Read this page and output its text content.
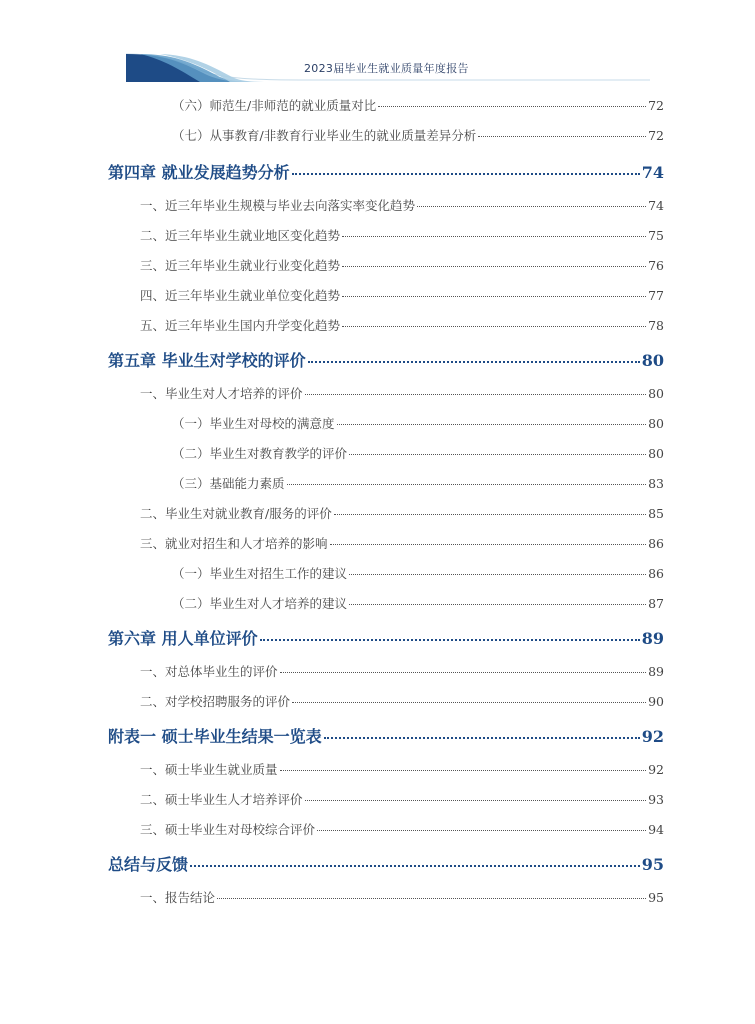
2023届毕业生就业质量年度报告
（六）师范生/非师范的就业质量对比	72
（七）从事教育/非教育行业毕业生的就业质量差异分析	72
第四章 就业发展趋势分析	74
一、近三年毕业生规模与毕业去向落实率变化趋势	74
二、近三年毕业生就业地区变化趋势	75
三、近三年毕业生就业行业变化趋势	76
四、近三年毕业生就业单位变化趋势	77
五、近三年毕业生国内升学变化趋势	78
第五章 毕业生对学校的评价	80
一、毕业生对人才培养的评价	80
（一）毕业生对母校的满意度	80
（二）毕业生对教育教学的评价	80
（三）基础能力素质	83
二、毕业生对就业教育/服务的评价	85
三、就业对招生和人才培养的影响	86
（一）毕业生对招生工作的建议	86
（二）毕业生对人才培养的建议	87
第六章 用人单位评价	89
一、对总体毕业生的评价	89
二、对学校招聘服务的评价	90
附表一 硕士毕业生结果一览表	92
一、硕士毕业生就业质量	92
二、硕士毕业生人才培养评价	93
三、硕士毕业生对母校综合评价	94
总结与反馈	95
一、报告结论	95
